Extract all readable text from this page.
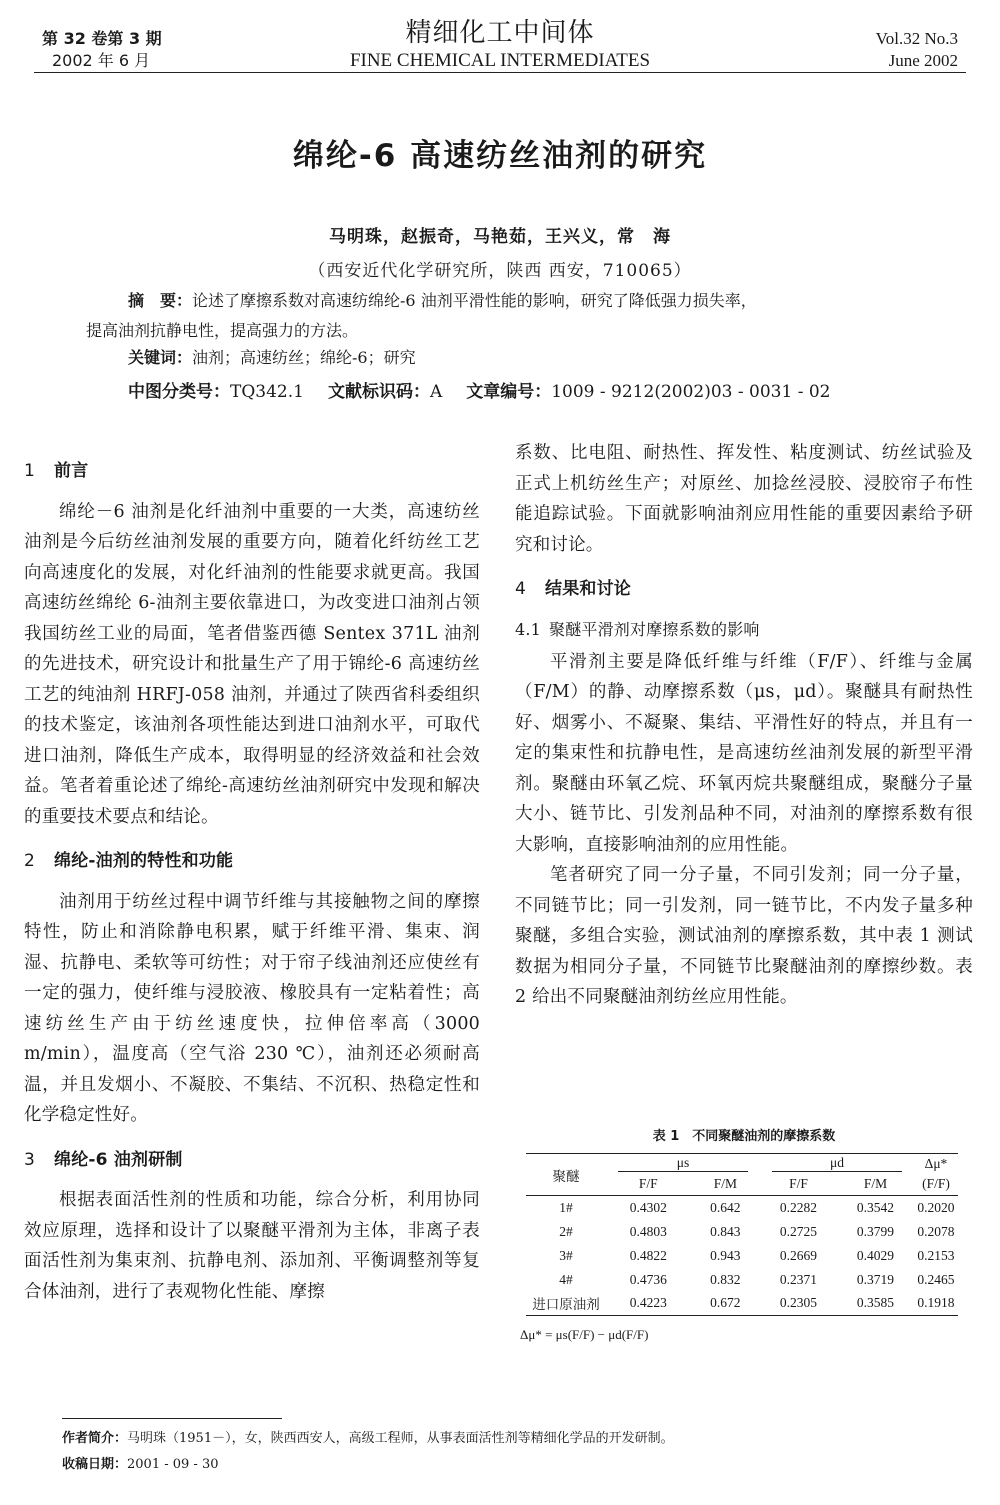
第 32 卷第 3 期
2002 年 6 月
精细化工中间体
FINE CHEMICAL INTERMEDIATES
Vol.32 No.3
June 2002
绵纶-6 高速纺丝油剂的研究
马明珠，赵振奇，马艳茹，王兴义，常　海
（西安近代化学研究所，陕西 西安，710065）
摘　要：论述了摩擦系数对高速纺绵纶-6 油剂平滑性能的影响，研究了降低强力损失率，
提高油剂抗静电性，提高强力的方法。
关键词：油剂；高速纺丝；绵纶-6；研究
中图分类号：TQ342.1 文献标识码：A 文章编号：1009 - 9212(2002)03 - 0031 - 02
1 前言

绵纶－6 油剂是化纤油剂中重要的一大类，高速纺丝油剂是今后纺丝油剂发展的重要方向，随着化纤纺丝工艺向高速度化的发展，对化纤油剂的性能要求就更高。我国高速纺丝绵纶 6-油剂主要依靠进口，为改变进口油剂占领我国纺丝工业的局面，笔者借鉴西德 Sentex 371L 油剂的先进技术，研究设计和批量生产了用于锦纶-6 高速纺丝工艺的纯油剂 HRFJ-058 油剂，并通过了陕西省科委组织的技术鉴定，该油剂各项性能达到进口油剂水平，可取代进口油剂，降低生产成本，取得明显的经济效益和社会效益。笔者着重论述了绵纶-高速纺丝油剂研究中发现和解决的重要技术要点和结论。

2 绵纶-油剂的特性和功能

油剂用于纺丝过程中调节纤维与其接触物之间的摩擦特性，防止和消除静电积累，赋于纤维平滑、集束、润湿、抗静电、柔软等可纺性；对于帘子线油剂还应使丝有一定的强力，使纤维与浸胶液、橡胶具有一定粘着性；高速纺丝生产由于纺丝速度快，拉伸倍率高（3000 m/min），温度高（空气浴 230 ℃），油剂还必须耐高温，并且发烟小、不凝胶、不集结、不沉积、热稳定性和化学稳定性好。

3 绵纶-6 油剂研制

根据表面活性剂的性质和功能，综合分析，利用协同效应原理，选择和设计了以聚醚平滑剂为主体，非离子表面活性剂为集束剂、抗静电剂、添加剂、平衡调整剂等复合体油剂，进行了表观物化性能、摩擦

系数、比电阻、耐热性、挥发性、粘度测试、纺丝试验及正式上机纺丝生产；对原丝、加捻丝浸胶、浸胶帘子布性能追踪试验。下面就影响油剂应用性能的重要因素给予研究和讨论。

4 结果和讨论
4.1 聚醚平滑剂对摩擦系数的影响

平滑剂主要是降低纤维与纤维（F/F）、纤维与金属（F/M）的静、动摩擦系数（μs，μd）。聚醚具有耐热性好、烟雾小、不凝聚、集结、平滑性好的特点，并且有一定的集束性和抗静电性，是高速纺丝油剂发展的新型平滑剂。聚醚由环氧乙烷、环氧丙烷共聚醚组成，聚醚分子量大小、链节比、引发剂品种不同，对油剂的摩擦系数有很大影响，直接影响油剂的应用性能。

笔者研究了同一分子量，不同引发剂；同一分子量，不同链节比；同一引发剂，同一链节比，不内发子量多种聚醚，多组合实验，测试油剂的摩擦系数，其中表 1 测试数据为相同分子量，不同链节比聚醚油剂的摩擦纱数。表 2 给出不同聚醚油剂纺丝应用性能。

表 1　不同聚醚油剂的摩擦系数
聚醚	μs		μd		Δμ*
	F/F	F/M	F/F	F/M	(F/F)
1#	0.4302	0.642	0.2282	0.3542	0.2020
2#	0.4803	0.843	0.2725	0.3799	0.2078
3#	0.4822	0.943	0.2669	0.4029	0.2153
4#	0.4736	0.832	0.2371	0.3719	0.2465
进口原油剂	0.4223	0.672	0.2305	0.3585	0.1918
Δμ* = μs(F/F) − μd(F/F)
作者简介：马明珠（1951－），女，陕西西安人，高级工程师，从事表面活性剂等精细化学品的开发研制。
收稿日期：2001 - 09 - 30
